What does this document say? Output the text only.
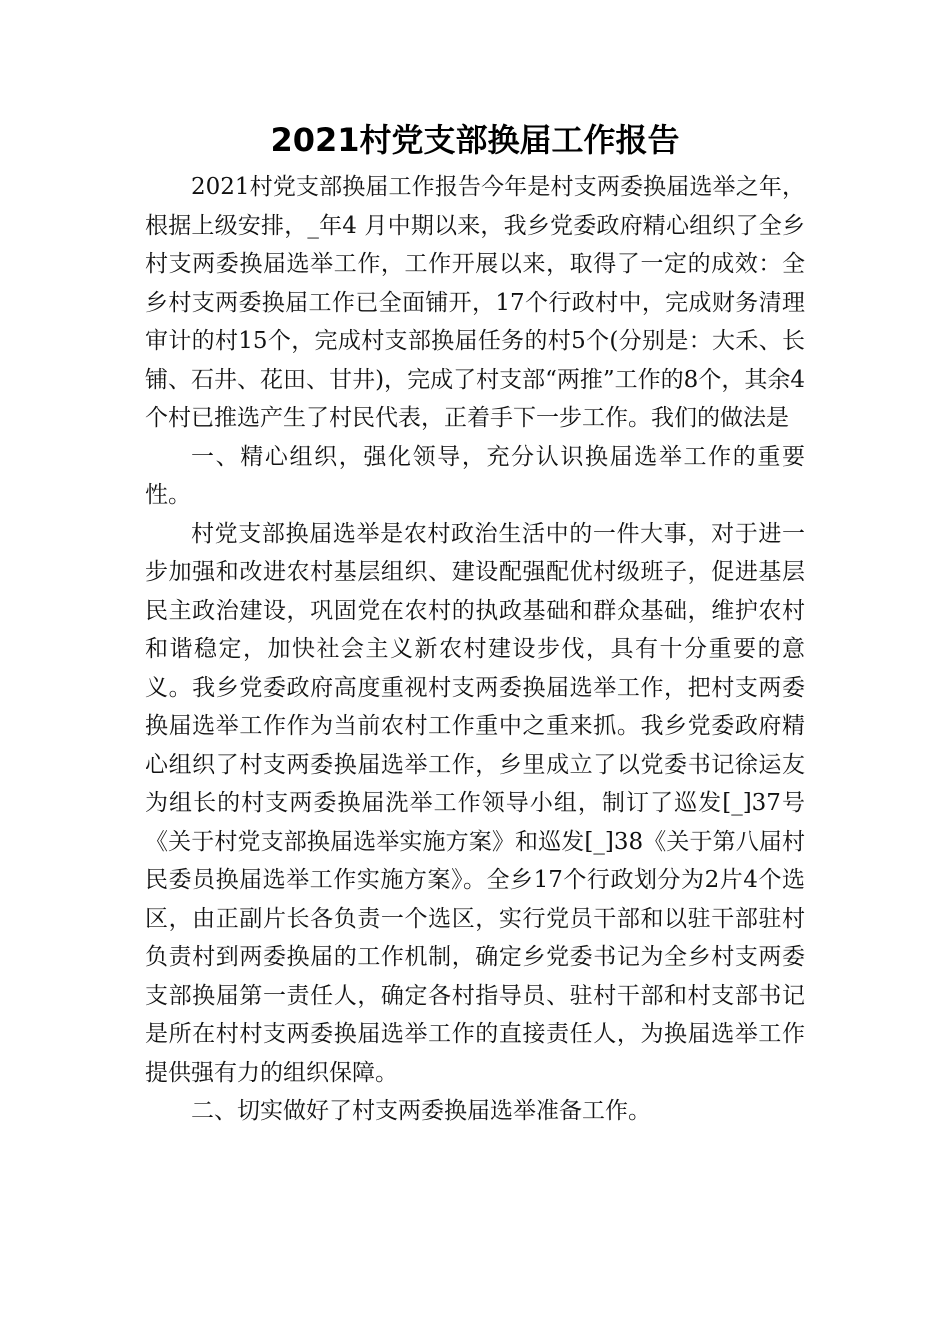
2021村党支部换届工作报告

2021村党支部换届工作报告今年是村支两委换届选举之年，根据上级安排，_年4 月中期以来，我乡党委政府精心组织了全乡村支两委换届选举工作，工作开展以来，取得了一定的成效：全乡村支两委换届工作已全面铺开，17个行政村中，完成财务清理审计的村15个，完成村支部换届任务的村5个(分别是：大禾、长铺、石井、花田、甘井)，完成了村支部“两推”工作的8个，其余4个村已推选产生了村民代表，正着手下一步工作。我们的做法是

一、精心组织，强化领导，充分认识换届选举工作的重要性。

村党支部换届选举是农村政治生活中的一件大事，对于进一步加强和改进农村基层组织、建设配强配优村级班子，促进基层民主政治建设，巩固党在农村的执政基础和群众基础，维护农村和谐稳定，加快社会主义新农村建设步伐，具有十分重要的意义。我乡党委政府高度重视村支两委换届选举工作，把村支两委换届选举工作作为当前农村工作重中之重来抓。我乡党委政府精心组织了村支两委换届选举工作，乡里成立了以党委书记徐运友为组长的村支两委换届洗举工作领导小组，制订了巡发[_]37号《关于村党支部换届选举实施方案》和巡发[_]38《关于第八届村民委员换届选举工作实施方案》。全乡17个行政划分为2片4个选区，由正副片长各负责一个选区，实行党员干部和以驻干部驻村负责村到两委换届的工作机制，确定乡党委书记为全乡村支两委支部换届第一责任人，确定各村指导员、驻村干部和村支部书记是所在村村支两委换届选举工作的直接责任人，为换届选举工作提供强有力的组织保障。

二、切实做好了村支两委换届选举准备工作。
